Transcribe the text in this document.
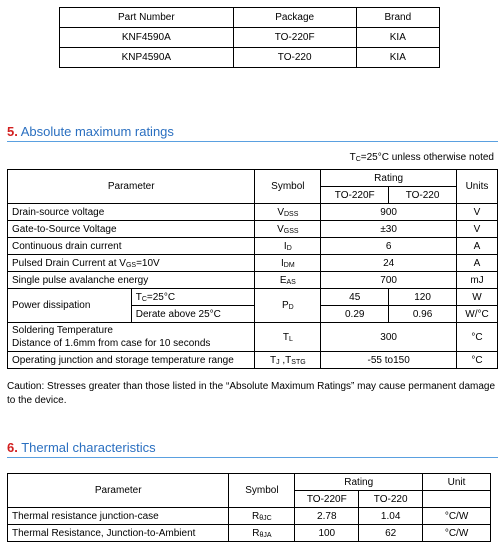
Part Number	Package	Brand
KNF4590A	TO-220F	KIA
KNP4590A	TO-220	KIA
5. Absolute maximum ratings
$T_C=25^\circ C$ unless otherwise noted
Parameter		Symbol	Rating		Units
			TO-220F	TO-220	
Drain-source voltage		$V_{DSS}$	900		V
Gate-to-Source Voltage		$V_{GSS}$	±30		V
Continuous drain current		$I_D$	6		A
Pulsed Drain Current at $V_{GS}=10V$		$I_{DM}$	24		A
Single pulse avalanche energy		$E_{AS}$	700		mJ
Power dissipation	$T_C=25^\circ C$	$P_D$	45	120	W
	Derate above 25°C		0.29	0.96	W/°C

Soldering Temperature
Distance of 1.6mm from case for 10 seconds		$T_L$	300		°C
Operating junction and storage temperature range		$T_J$ $,T_{STG}$	-55 to150		°C
Caution: Stresses greater than those listed in the “Absolute Maximum Ratings” may cause permanent damage to the device.
6. Thermal characteristics
Parameter	Symbol	Rating		Unit
		TO-220F	TO-220	
Thermal resistance junction-case	$R_{\theta JC}$	2.78	1.04	°C/W
Thermal Resistance, Junction-to-Ambient	$R_{\theta JA}$	100	62	°C/W
